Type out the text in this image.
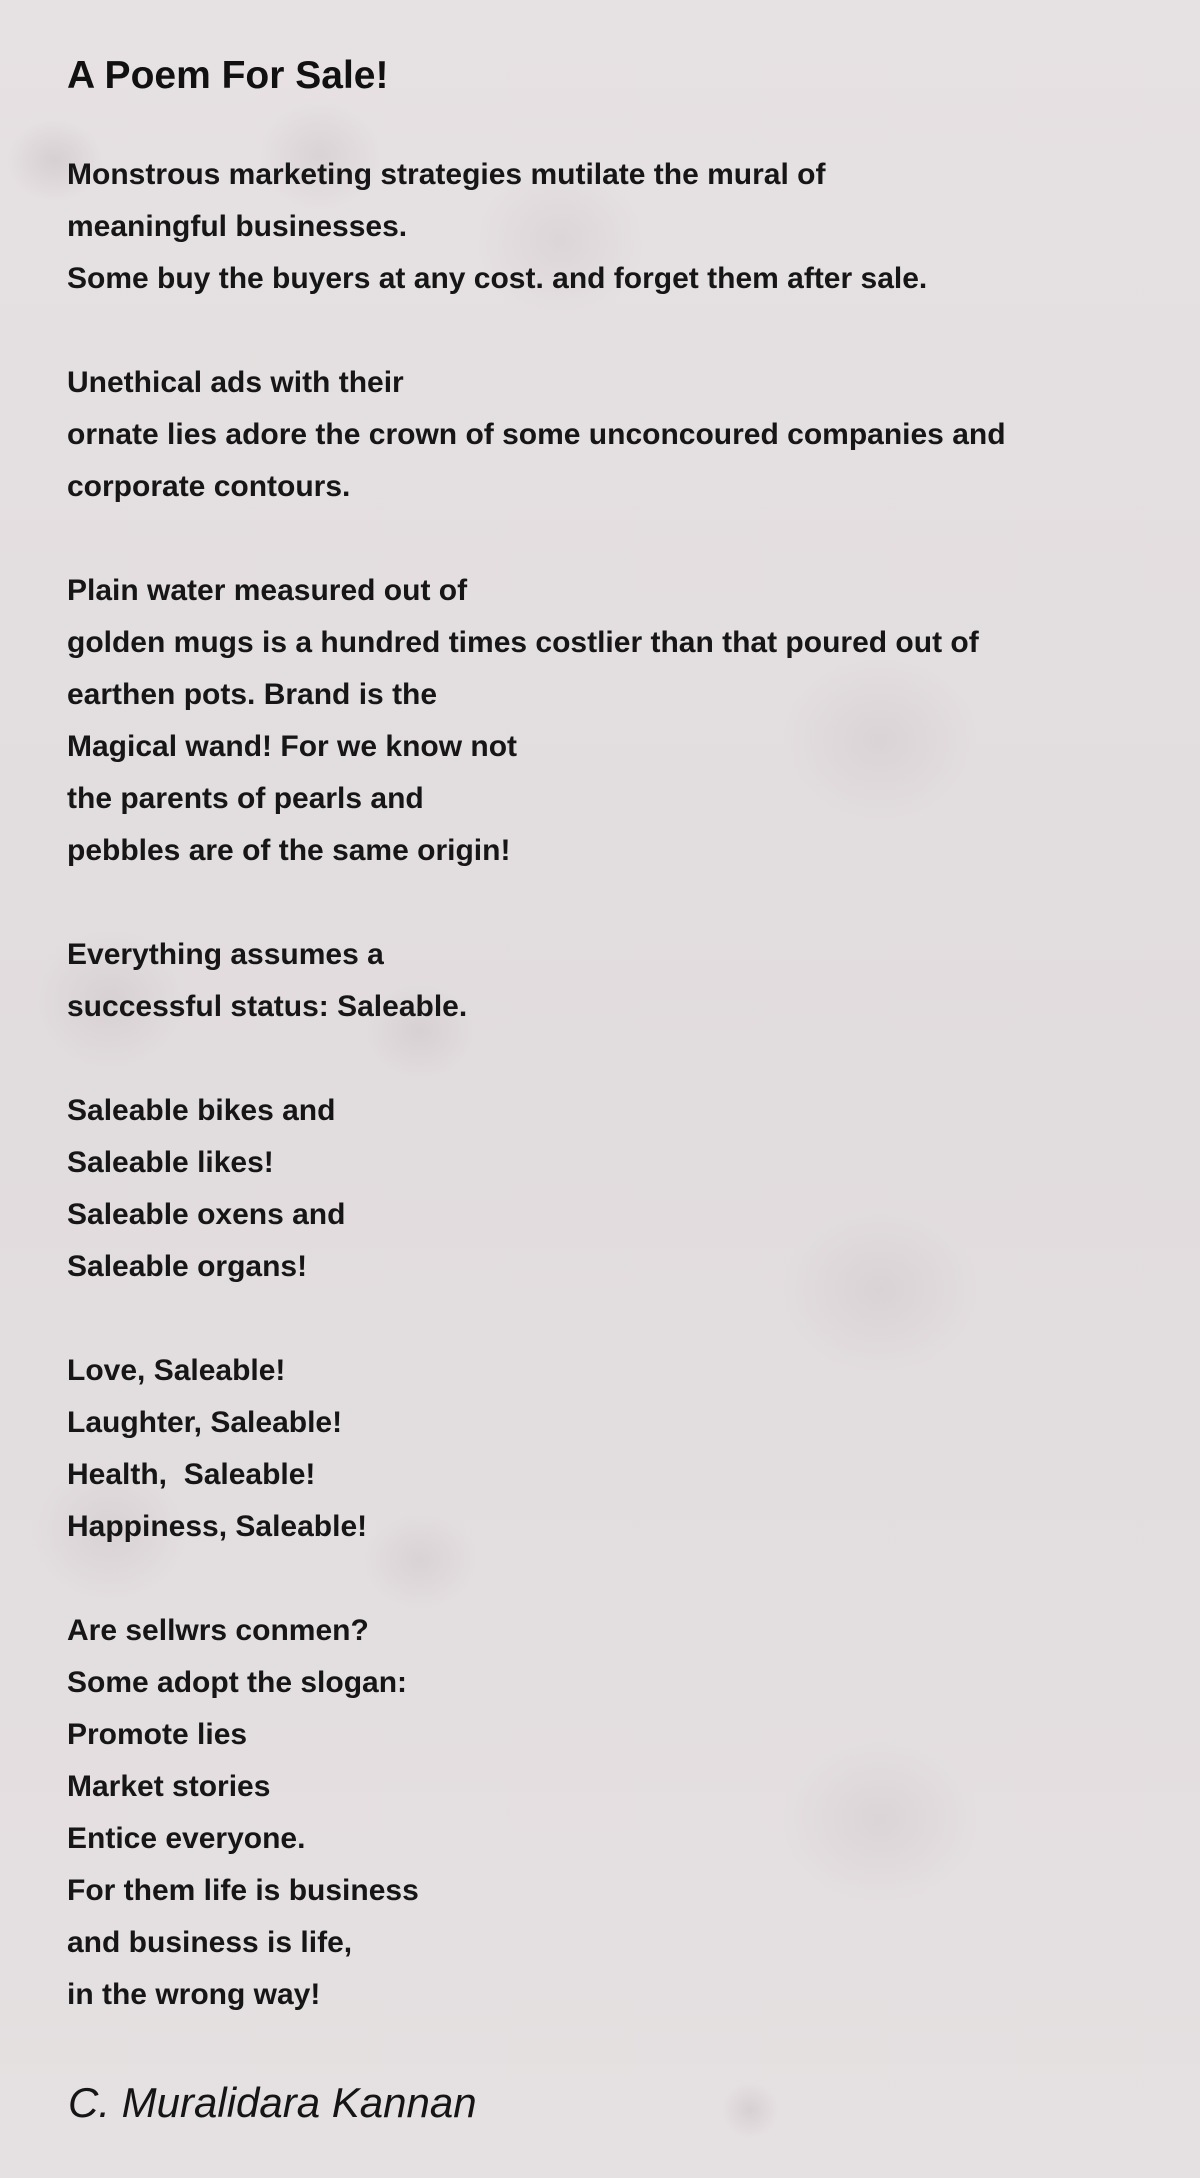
A Poem For Sale!
Monstrous marketing strategies mutilate the mural of
meaningful businesses.
Some buy the buyers at any cost. and forget them after sale.
Unethical ads with their
ornate lies adore the crown of some unconcoured companies and
corporate contours.
Plain water measured out of
golden mugs is a hundred times costlier than that poured out of
earthen pots. Brand is the
Magical wand! For we know not
the parents of pearls and
pebbles are of the same origin!
Everything assumes a
successful status: Saleable.
Saleable bikes and
Saleable likes!
Saleable oxens and
Saleable organs!
Love, Saleable!
Laughter, Saleable!
Health,  Saleable!
Happiness, Saleable!
Are sellwrs conmen?
Some adopt the slogan:
Promote lies
Market stories
Entice everyone.
For them life is business
and business is life,
in the wrong way!

C. Muralidara Kannan
